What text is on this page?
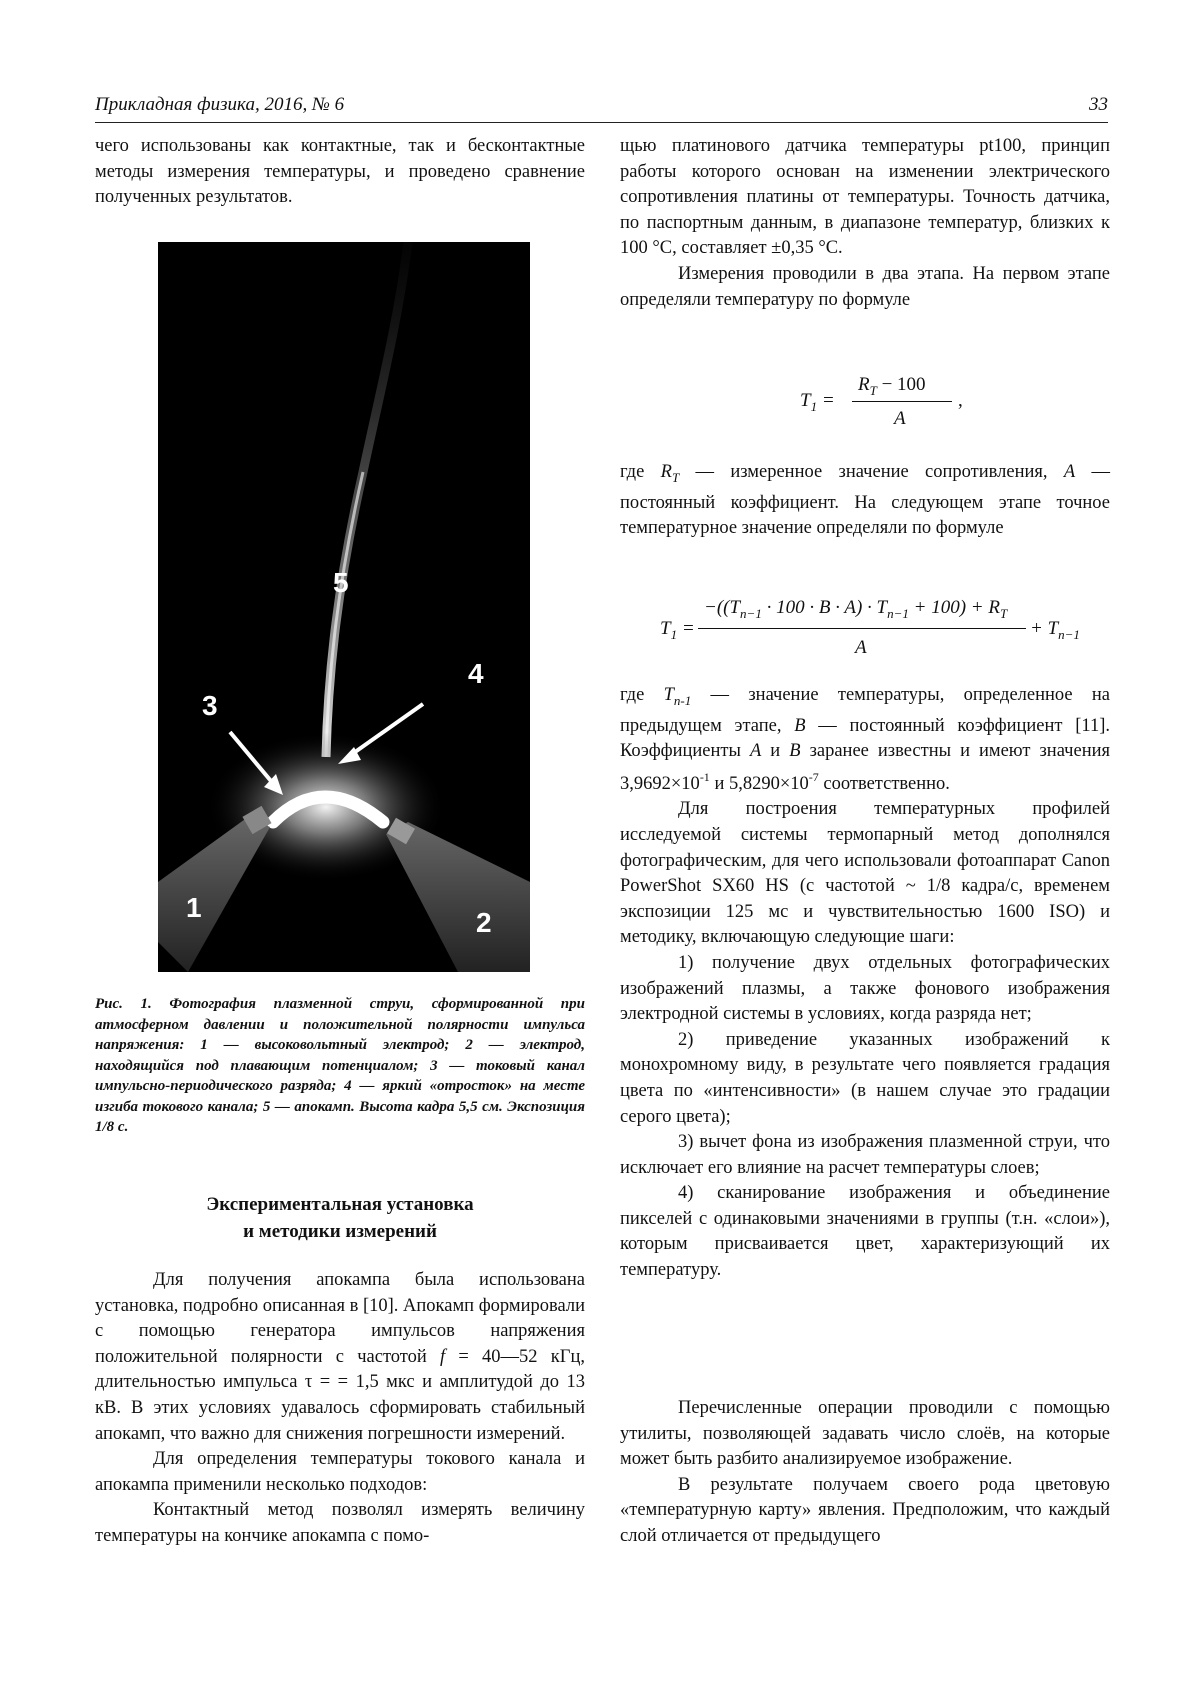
Прикладная физика, 2016, № 6	33

чего использованы как контактные, так и бесконтактные методы измерения температуры, и проведено сравнение полученных результатов.

1	2
3
4
5
Рис. 1. Фотография плазменной струи, сформированной при атмосферном давлении и положительной полярности импульса напряжения: 1 — высоковольтный электрод; 2 — электрод, находящийся под плавающим потенциалом; 3 — токовый канал импульсно-периодического разряда; 4 — яркий «отросток» на месте изгиба токового канала; 5 — апокамп. Высота кадра 5,5 см. Экспозиция 1/8 с.
Экспериментальная установка
и методики измерений

Для получения апокампа была использована установка, подробно описанная в [10]. Апокамп формировали с помощью генератора импульсов напряжения положительной полярности с частотой f = 40—52 кГц, длительностью импульса τ = = 1,5 мкс и амплитудой до 13 кВ. В этих условиях удавалось сформировать стабильный апокамп, что важно для снижения погрешности измерений.

Для определения температуры токового канала и апокампа применили несколько подходов:

Контактный метод позволял измерять величину температуры на кончике апокампа с помо-

щью платинового датчика температуры pt100, принцип работы которого основан на изменении электрического сопротивления платины от температуры. Точность датчика, по паспортным данным, в диапазоне температур, близких к 100 °С, составляет ±0,35 °С.

Измерения проводили в два этапа. На первом этапе определяли температуру по формуле

$T_1$ =
$R_T - 100$
A
,

где $R_T$ — измеренное значение сопротивления, A — постоянный коэффициент. На следующем этапе точное температурное значение определяли по формуле

$T_1$ =
$-((T_{n-1} \cdot 100 \cdot B \cdot A) \cdot T_{n-1} + 100) + R_T$
A
+ $T_{n-1}$

где $T_{n-1}$ — значение температуры, определенное на предыдущем этапе, B — постоянный коэффициент [11]. Коэффициенты A и B заранее известны и имеют значения $3,9692\times 10^{-1}$ и $5,8290\times 10^{-7}$ соответственно.

Для построения температурных профилей исследуемой системы термопарный метод дополнялся фотографическим, для чего использовали фотоаппарат Canon PowerShot SX60 HS (с частотой ~ 1/8 кадра/с, временем экспозиции 125 мс и чувствительностью 1600 ISO) и методику, включающую следующие шаги:

1) получение двух отдельных фотографических изображений плазмы, а также фонового изображения электродной системы в условиях, когда разряда нет;

2) приведение указанных изображений к монохромному виду, в результате чего появляется градация цвета по «интенсивности» (в нашем случае это градации серого цвета);

3) вычет фона из изображения плазменной струи, что исключает его влияние на расчет температуры слоев;

4) сканирование изображения и объединение пикселей с одинаковыми значениями в группы (т.н. «слои»), которым присваивается цвет, характеризующий их температуру.

Перечисленные операции проводили с помощью утилиты, позволяющей задавать число слоёв, на которые может быть разбито анализируемое изображение.

В результате получаем своего рода цветовую «температурную карту» явления. Предположим, что каждый слой отличается от предыдущего
